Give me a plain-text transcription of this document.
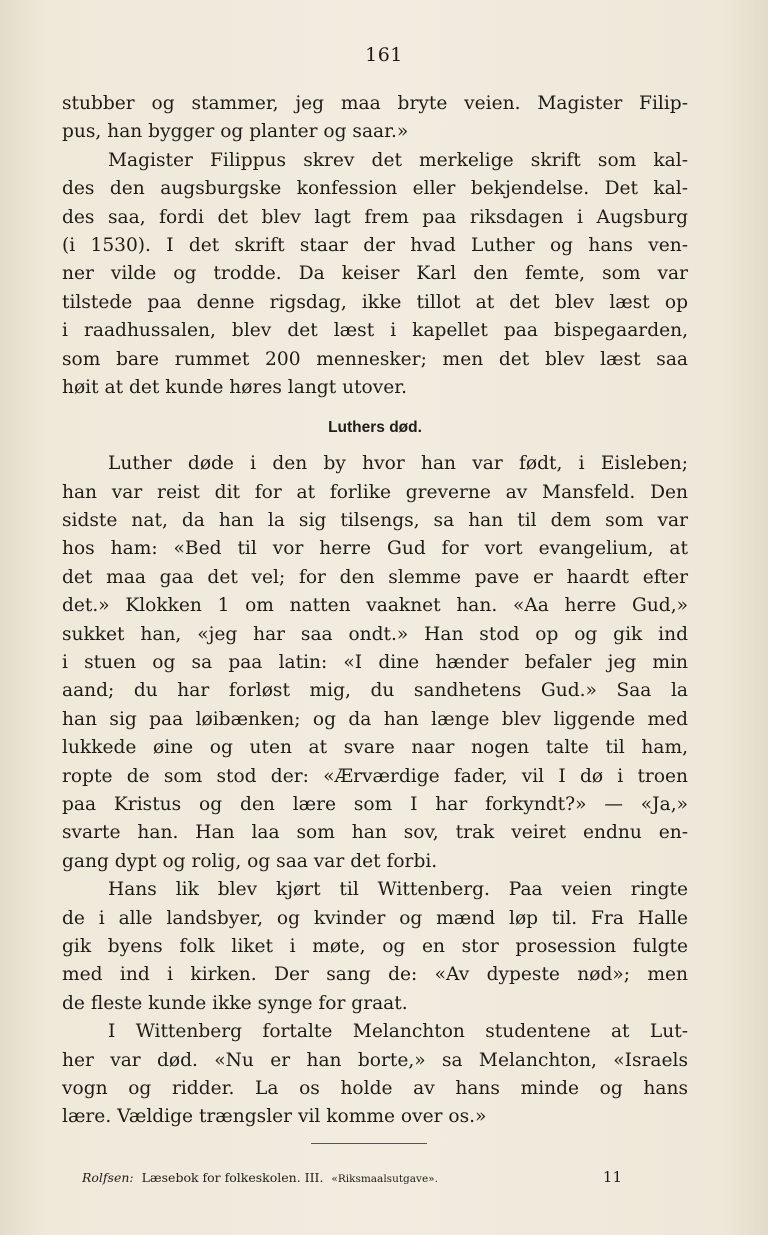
161
stubber og stammer, jeg maa bryte veien. Magister Filip-
pus, han bygger og planter og saar.»
Magister Filippus skrev det merkelige skrift som kal-
des den augsburgske konfession eller bekjendelse. Det kal-
des saa, fordi det blev lagt frem paa riksdagen i Augsburg
(i 1530). I det skrift staar der hvad Luther og hans ven-
ner vilde og trodde. Da keiser Karl den femte, som var
tilstede paa denne rigsdag, ikke tillot at det blev læst op
i raadhussalen, blev det læst i kapellet paa bispegaarden,
som bare rummet 200 mennesker; men det blev læst saa
høit at det kunde høres langt utover.
Luthers død.
Luther døde i den by hvor han var født, i Eisleben;
han var reist dit for at forlike greverne av Mansfeld. Den
sidste nat, da han la sig tilsengs, sa han til dem som var
hos ham: «Bed til vor herre Gud for vort evangelium, at
det maa gaa det vel; for den slemme pave er haardt efter
det.» Klokken 1 om natten vaaknet han. «Aa herre Gud,»
sukket han, «jeg har saa ondt.» Han stod op og gik ind
i stuen og sa paa latin: «I dine hænder befaler jeg min
aand; du har forløst mig, du sandhetens Gud.» Saa la
han sig paa løibænken; og da han længe blev liggende med
lukkede øine og uten at svare naar nogen talte til ham,
ropte de som stod der: «Ærværdige fader, vil I dø i troen
paa Kristus og den lære som I har forkyndt?» — «Ja,»
svarte han. Han laa som han sov, trak veiret endnu en-
gang dypt og rolig, og saa var det forbi.
Hans lik blev kjørt til Wittenberg. Paa veien ringte
de i alle landsbyer, og kvinder og mænd løp til. Fra Halle
gik byens folk liket i møte, og en stor prosession fulgte
med ind i kirken. Der sang de: «Av dypeste nød»; men
de fleste kunde ikke synge for graat.
I Wittenberg fortalte Melanchton studentene at Lut-
her var død. «Nu er han borte,» sa Melanchton, «Israels
vogn og ridder. La os holde av hans minde og hans
lære. Vældige trængsler vil komme over os.»
Rolfsen: Læsebok for folkeskolen. III. «Riksmaalsutgave».	11
